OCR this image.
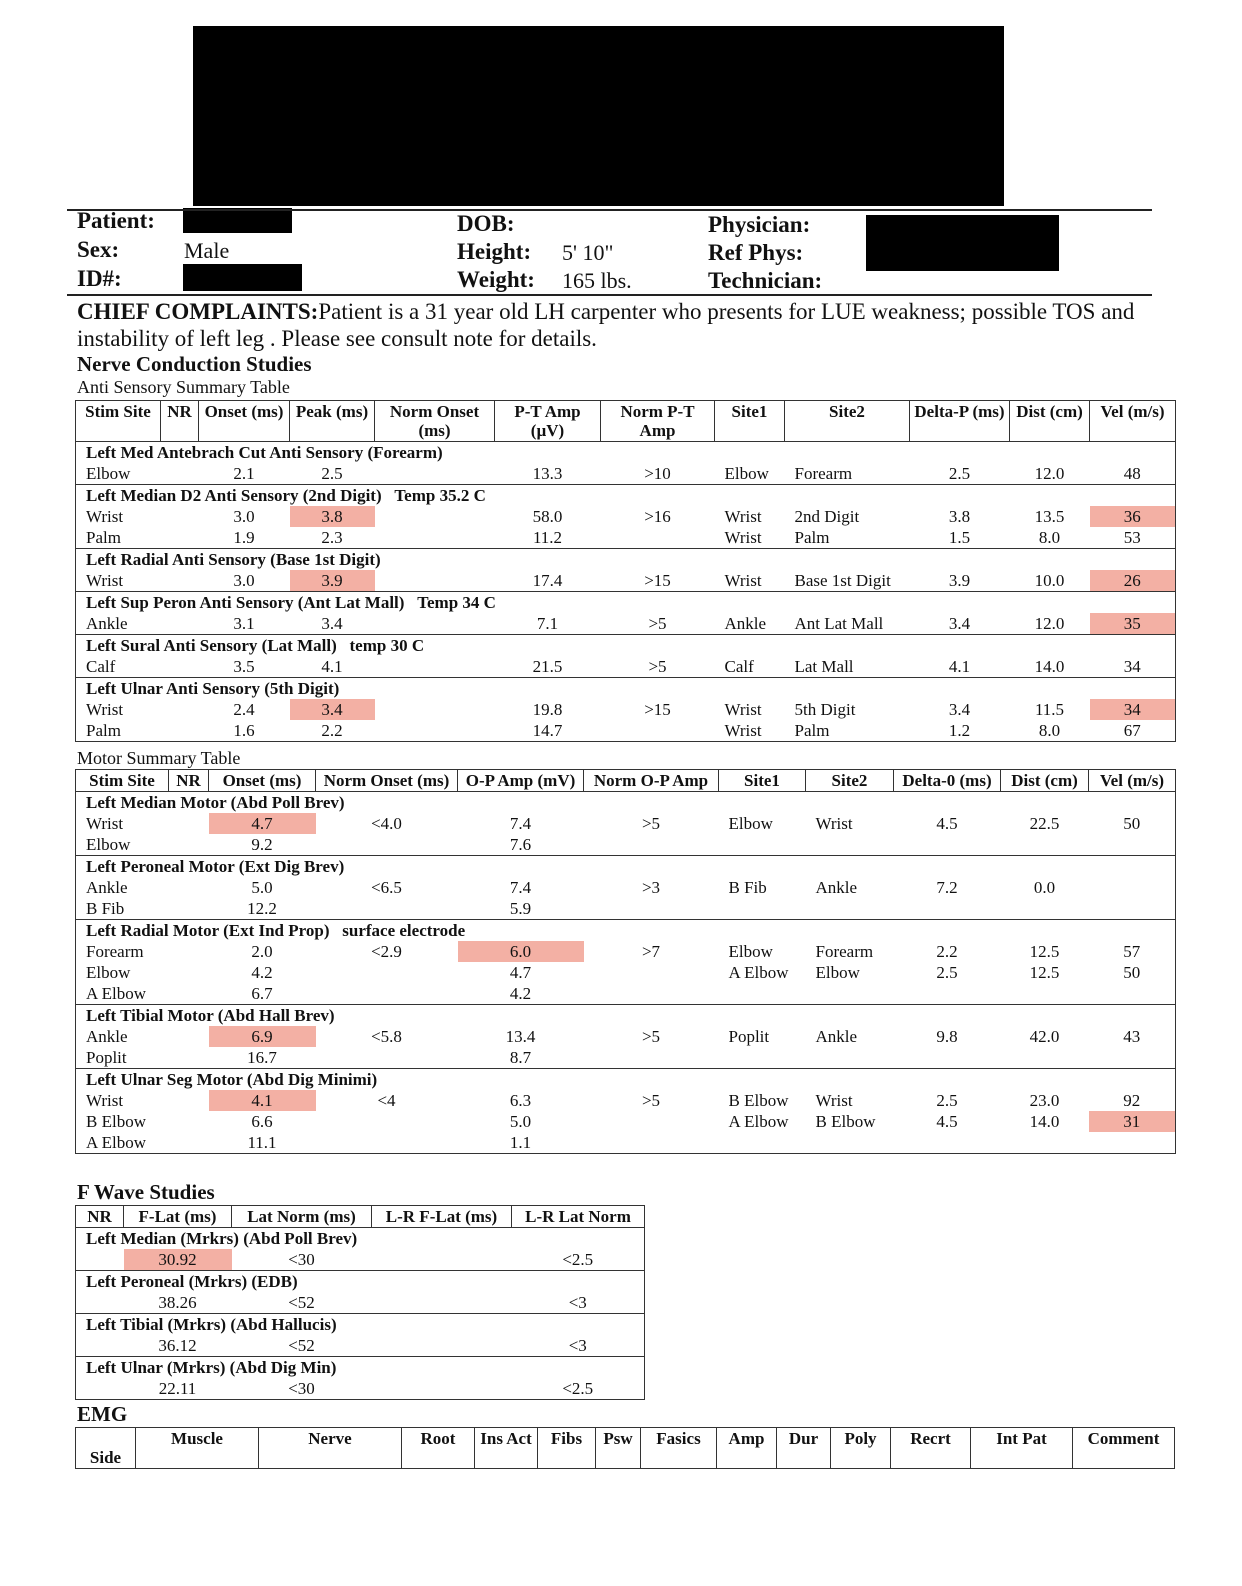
Patient:
Sex:	Male
ID#:
DOB:
Height: 5' 10"
Weight: 165 lbs.
Physician:
Ref Phys:
Technician:
CHIEF COMPLAINTS:Patient is a 31 year old LH carpenter who presents for LUE weakness; possible TOS and instability of left leg . Please see consult note for details.
Nerve Conduction Studies
Anti Sensory Summary Table
Stim Site	NR	Onset (ms)	Peak (ms)	Norm Onset (ms)	P-T Amp (µV)	Norm P-T Amp	Site1	Site2	Delta-P (ms)	Dist (cm)	Vel (m/s)
Left Med Antebrach Cut Anti Sensory (Forearm)											
Elbow		2.1	2.5		13.3	>10	Elbow	Forearm	2.5	12.0	48
Left Median D2 Anti Sensory (2nd Digit) Temp 35.2 C											
Wrist		3.0	3.8		58.0	>16	Wrist	2nd Digit	3.8	13.5	36
Palm		1.9	2.3		11.2		Wrist	Palm	1.5	8.0	53
Left Radial Anti Sensory (Base 1st Digit)											
Wrist		3.0	3.9		17.4	>15	Wrist	Base 1st Digit	3.9	10.0	26
Left Sup Peron Anti Sensory (Ant Lat Mall) Temp 34 C											
Ankle		3.1	3.4		7.1	>5	Ankle	Ant Lat Mall	3.4	12.0	35
Left Sural Anti Sensory (Lat Mall) temp 30 C											
Calf		3.5	4.1		21.5	>5	Calf	Lat Mall	4.1	14.0	34
Left Ulnar Anti Sensory (5th Digit)											
Wrist		2.4	3.4		19.8	>15	Wrist	5th Digit	3.4	11.5	34
Palm		1.6	2.2		14.7		Wrist	Palm	1.2	8.0	67
Motor Summary Table
Stim Site	NR	Onset (ms)	Norm Onset (ms)	O-P Amp (mV)	Norm O-P Amp	Site1	Site2	Delta-0 (ms)	Dist (cm)	Vel (m/s)
Left Median Motor (Abd Poll Brev)										
Wrist		4.7	<4.0	7.4	>5	Elbow	Wrist	4.5	22.5	50
Elbow		9.2		7.6						
Left Peroneal Motor (Ext Dig Brev)										
Ankle		5.0	<6.5	7.4	>3	B Fib	Ankle	7.2	0.0	
B Fib		12.2		5.9						
Left Radial Motor (Ext Ind Prop) surface electrode										
Forearm		2.0	<2.9	6.0	>7	Elbow	Forearm	2.2	12.5	57
Elbow		4.2		4.7		A Elbow	Elbow	2.5	12.5	50
A Elbow		6.7		4.2						
Left Tibial Motor (Abd Hall Brev)										
Ankle		6.9	<5.8	13.4	>5	Poplit	Ankle	9.8	42.0	43
Poplit		16.7		8.7						
Left Ulnar Seg Motor (Abd Dig Minimi)										
Wrist		4.1	<4	6.3	>5	B Elbow	Wrist	2.5	23.0	92
B Elbow		6.6		5.0		A Elbow	B Elbow	4.5	14.0	31
A Elbow		11.1		1.1						
F Wave Studies
NR	F-Lat (ms)	Lat Norm (ms)	L-R F-Lat (ms)	L-R Lat Norm
Left Median (Mrkrs) (Abd Poll Brev)				
	30.92	<30		<2.5
Left Peroneal (Mrkrs) (EDB)				
	38.26	<52		<3
Left Tibial (Mrkrs) (Abd Hallucis)				
	36.12	<52		<3
Left Ulnar (Mrkrs) (Abd Dig Min)				
	22.11	<30		<2.5
EMG
Side	Muscle	Nerve	Root	Ins Act	Fibs	Psw	Fasics	Amp	Dur	Poly	Recrt	Int Pat	Comment
